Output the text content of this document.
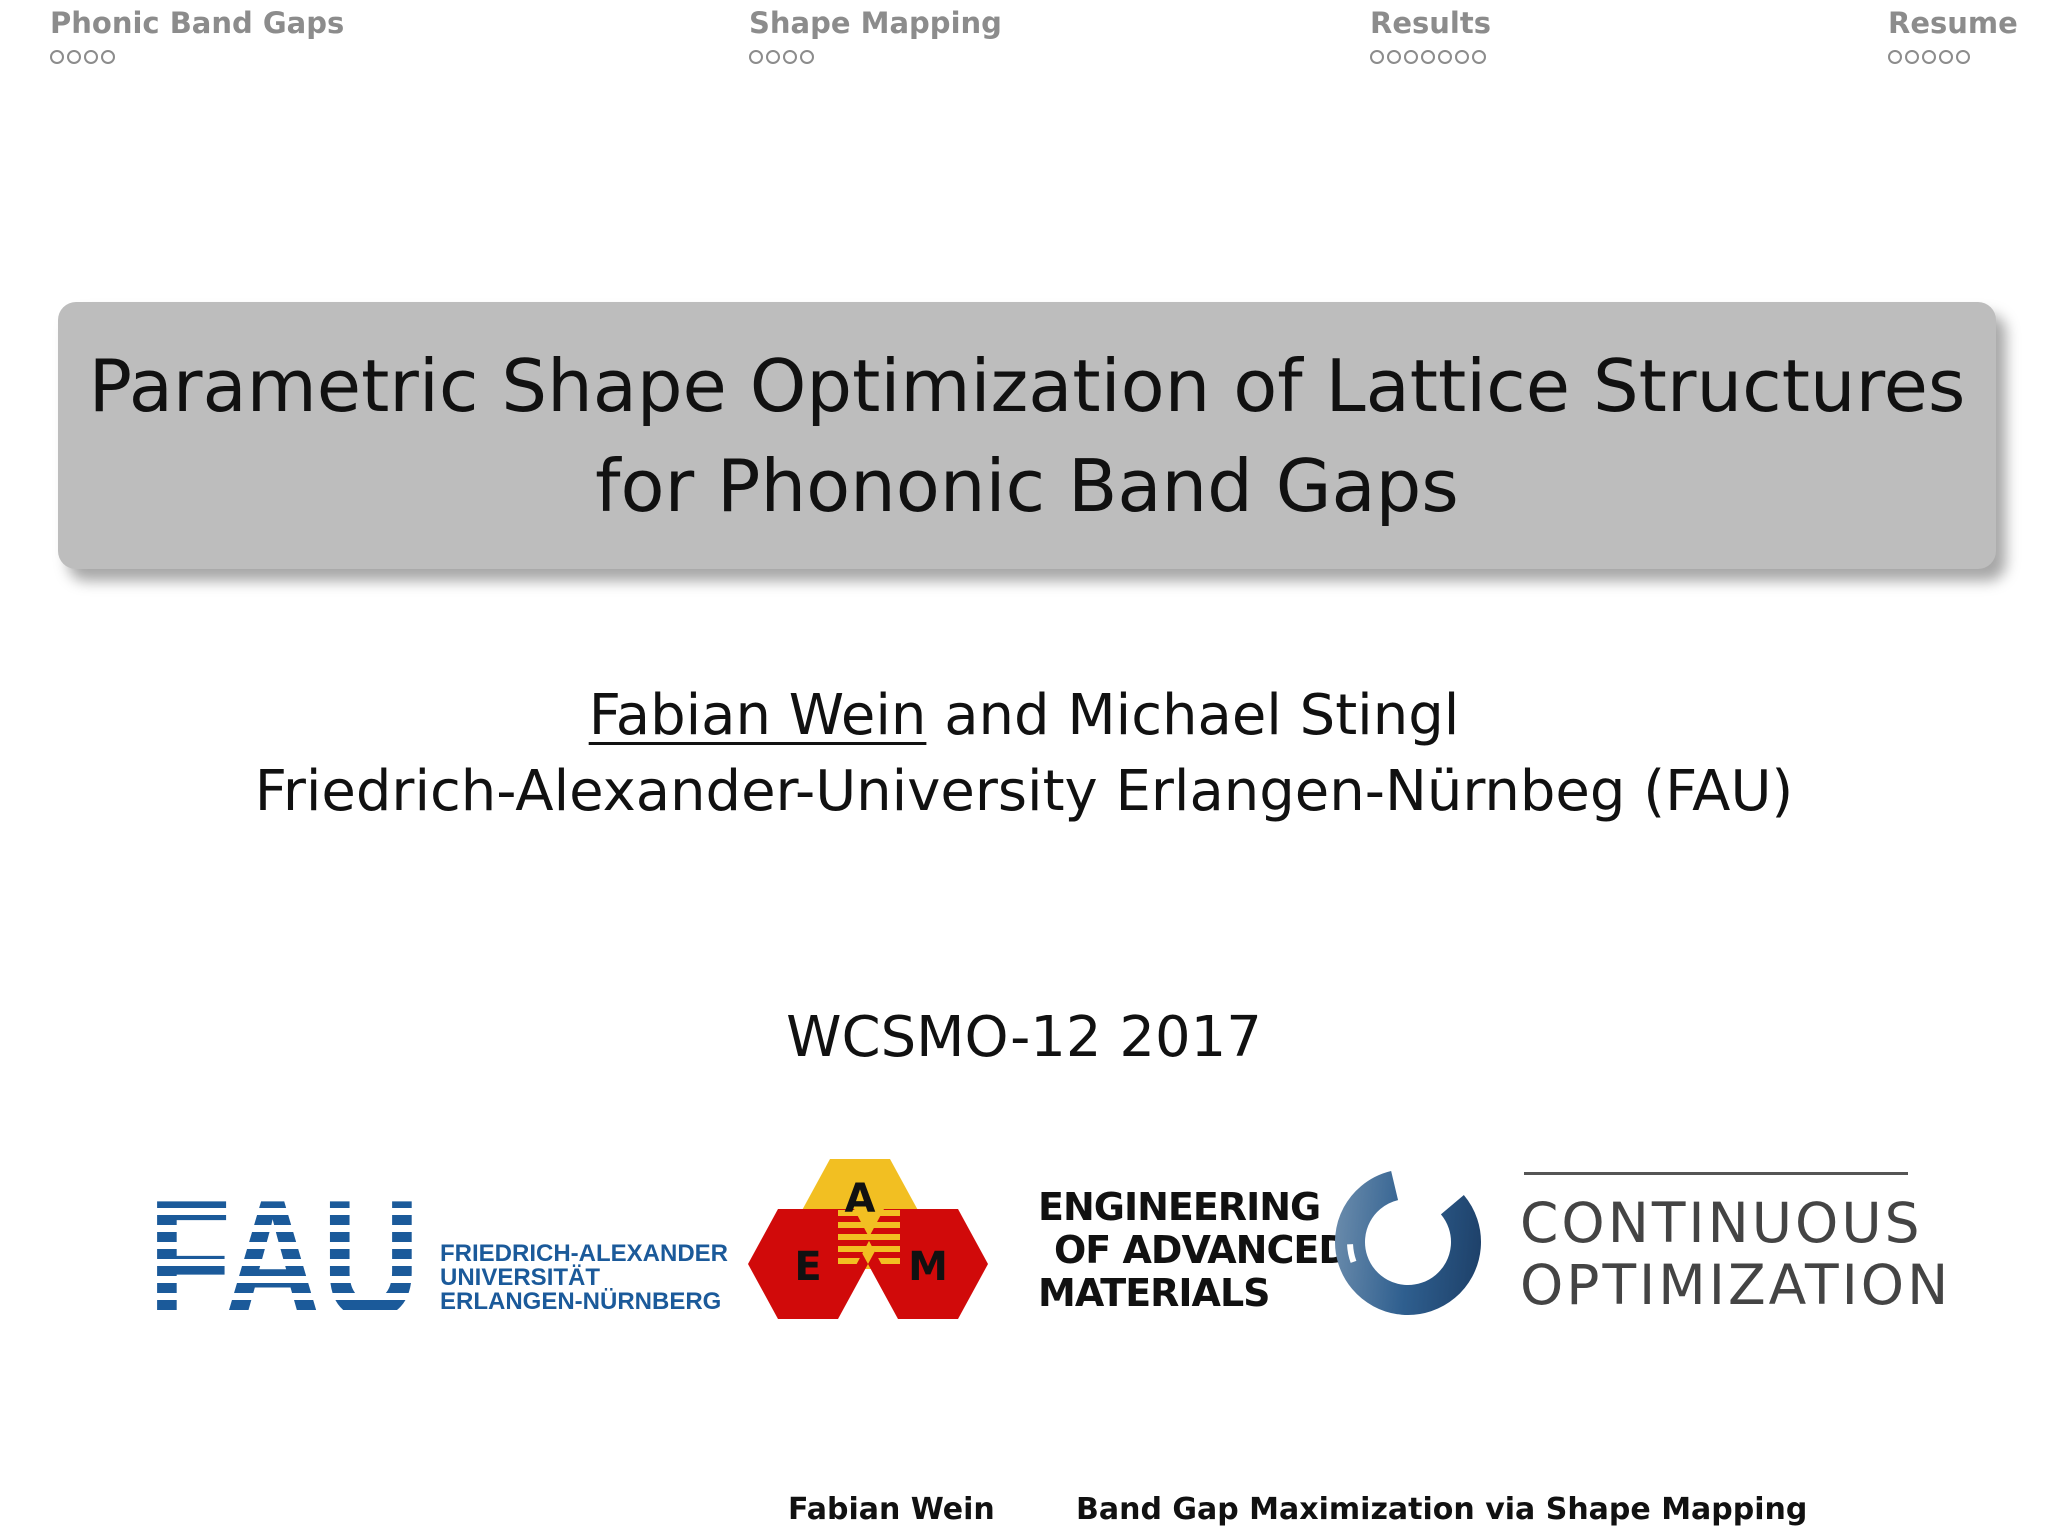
Phonic Band Gaps	Shape Mapping	Results	Resume
Parametric Shape Optimization of Lattice Structures
for Phononic Band Gaps
Fabian Wein and Michael Stingl
Friedrich-Alexander-University Erlangen-Nürnbeg (FAU)
WCSMO-12 2017
FRIEDRICH-ALEXANDER
UNIVERSITÄT
ERLANGEN-NÜRNBERG
A
E M
ENGINEERING
OF ADVANCED
MATERIALS
CONTINUOUS
OPTIMIZATION
Fabian Wein	Band Gap Maximization via Shape Mapping
